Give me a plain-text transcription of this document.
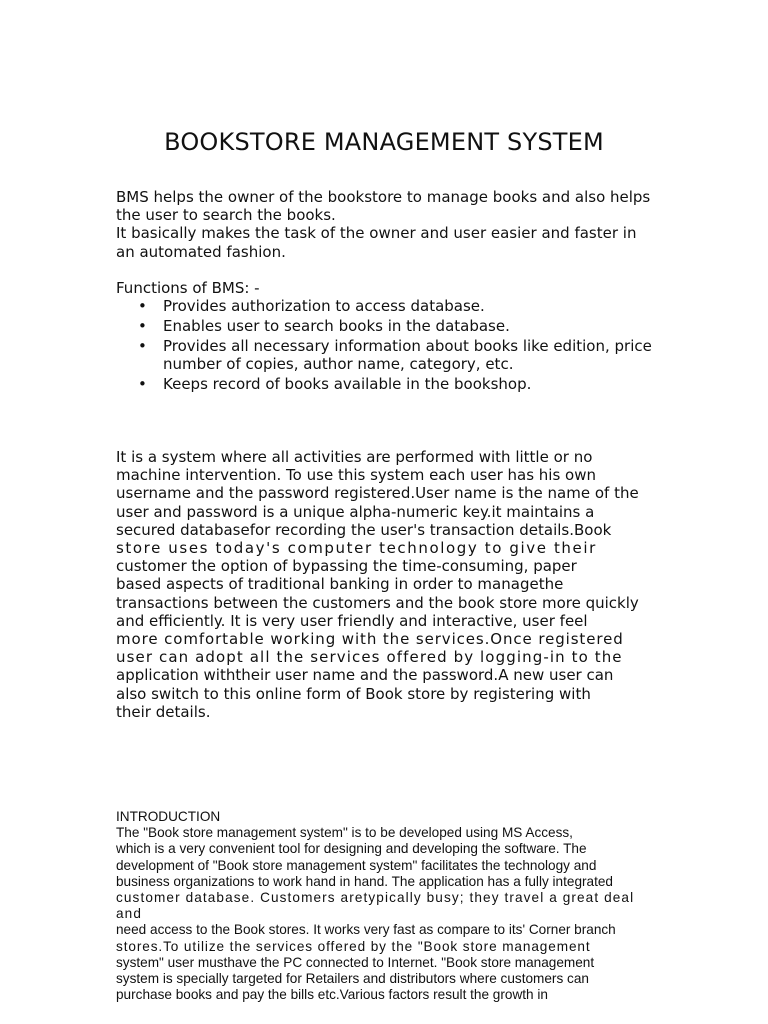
BOOKSTORE MANAGEMENT SYSTEM

BMS helps the owner of the bookstore to manage books and also helps the user to search the books.

It basically makes the task of the owner and user easier and faster in an automated fashion.

Functions of BMS: -

• Provides authorization to access database.
• Enables user to search books in the database.
• Provides all necessary information about books like edition, price number of copies, author name, category, etc.
• Keeps record of books available in the bookshop.

It is a system where all activities are performed with little or no

machine intervention. To use this system each user has his own

username and the password registered.User name is the name of the

user and password is a unique alpha-numeric key.it maintains a

secured databasefor recording the user's transaction details.Book

store uses today's computer technology to give their

customer the option of bypassing the time-consuming, paper

based aspects of traditional banking in order to managethe

transactions between the customers and the book store more quickly

and efficiently. It is very user friendly and interactive, user feel

more comfortable working with the services.Once registered

user can adopt all the services offered by logging-in to the

application withtheir user name and the password.A new user can

also switch to this online form of Book store by registering with

their details.

INTRODUCTION

The "Book store management system" is to be developed using MS Access,

which is a very convenient tool for designing and developing the software. The

development of "Book store management system" facilitates the technology and

business organizations to work hand in hand. The application has a fully integrated

customer database. Customers aretypically busy; they travel a great deal and

need access to the Book stores. It works very fast as compare to its' Corner branch

stores.To utilize the services offered by the "Book store management

system" user musthave the PC connected to Internet. "Book store management

system is specially targeted for Retailers and distributors where customers can

purchase books and pay the bills etc.Various factors result the growth in
